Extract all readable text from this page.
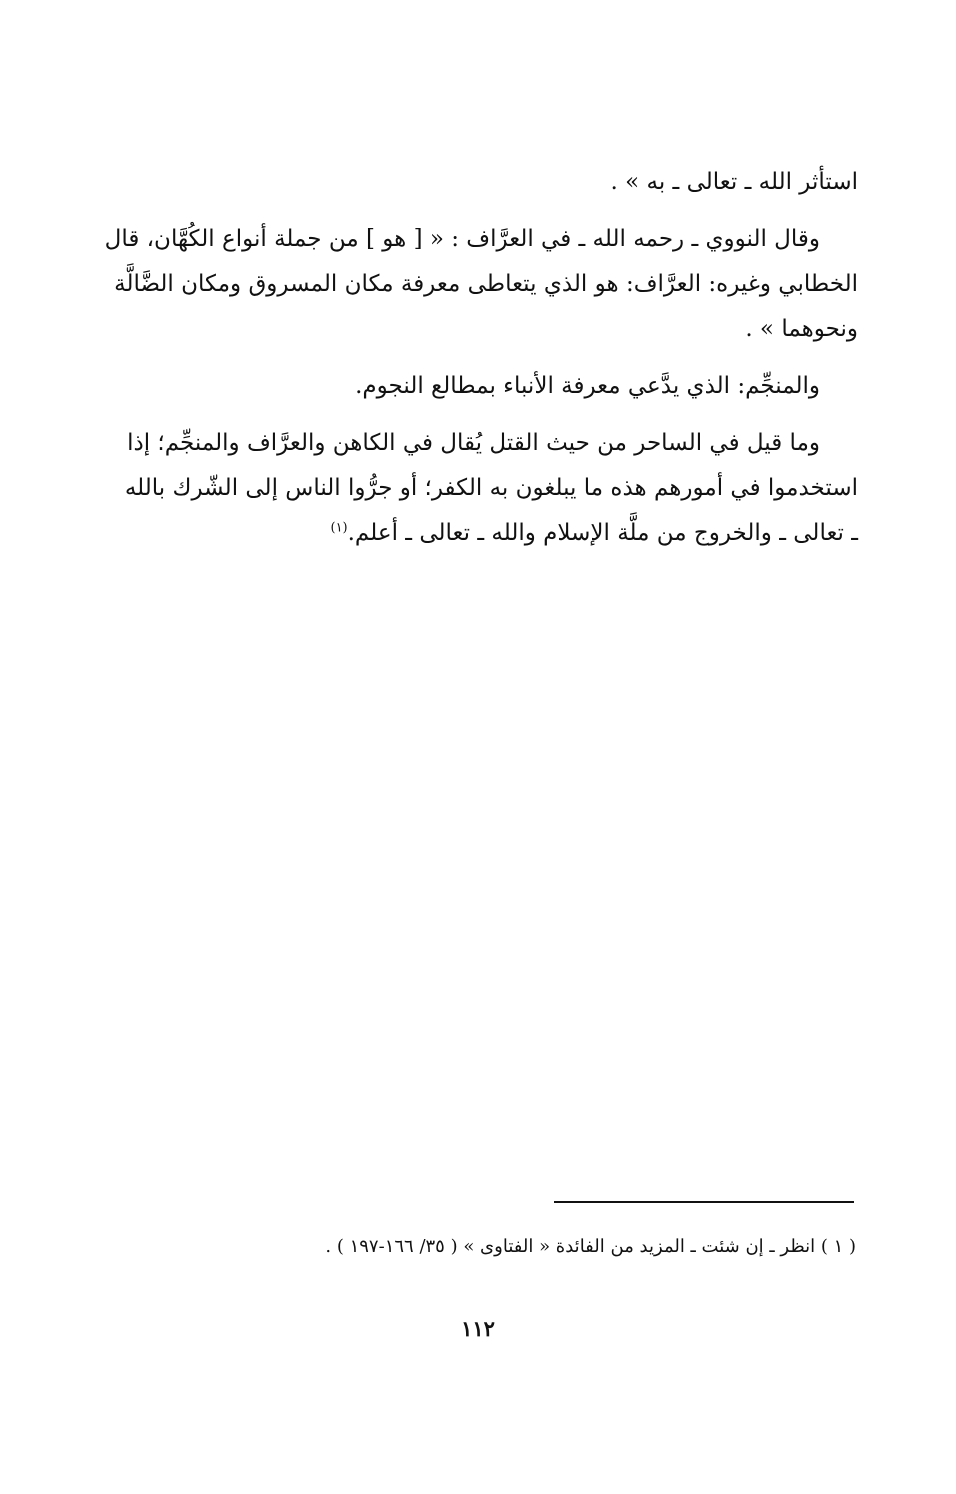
استأثر الله ـ تعالى ـ به » .
وقال النووي ـ رحمه الله ـ في العرَّاف : « [ هو ] من جملة أنواع الكُهَّان، قال
الخطابي وغيره: العرَّاف: هو الذي يتعاطى معرفة مكان المسروق ومكان الضَّالَّة
ونحوهما » .
والمنجِّم: الذي يدَّعي معرفة الأنباء بمطالع النجوم.
وما قيل في الساحر من حيث القتل يُقال في الكاهن والعرَّاف والمنجِّم؛ إذا
استخدموا في أمورهم هذه ما يبلغون به الكفر؛ أو جرُّوا الناس إلى الشّرك بالله
ـ تعالى ـ والخروج من ملَّة الإسلام والله ـ تعالى ـ أعلم.$^{(١)}$
( ١ ) انظر ـ إن شئت ـ المزيد من الفائدة « الفتاوى » ( ٣٥/ ١٦٦-١٩٧ ) .
١١٢
